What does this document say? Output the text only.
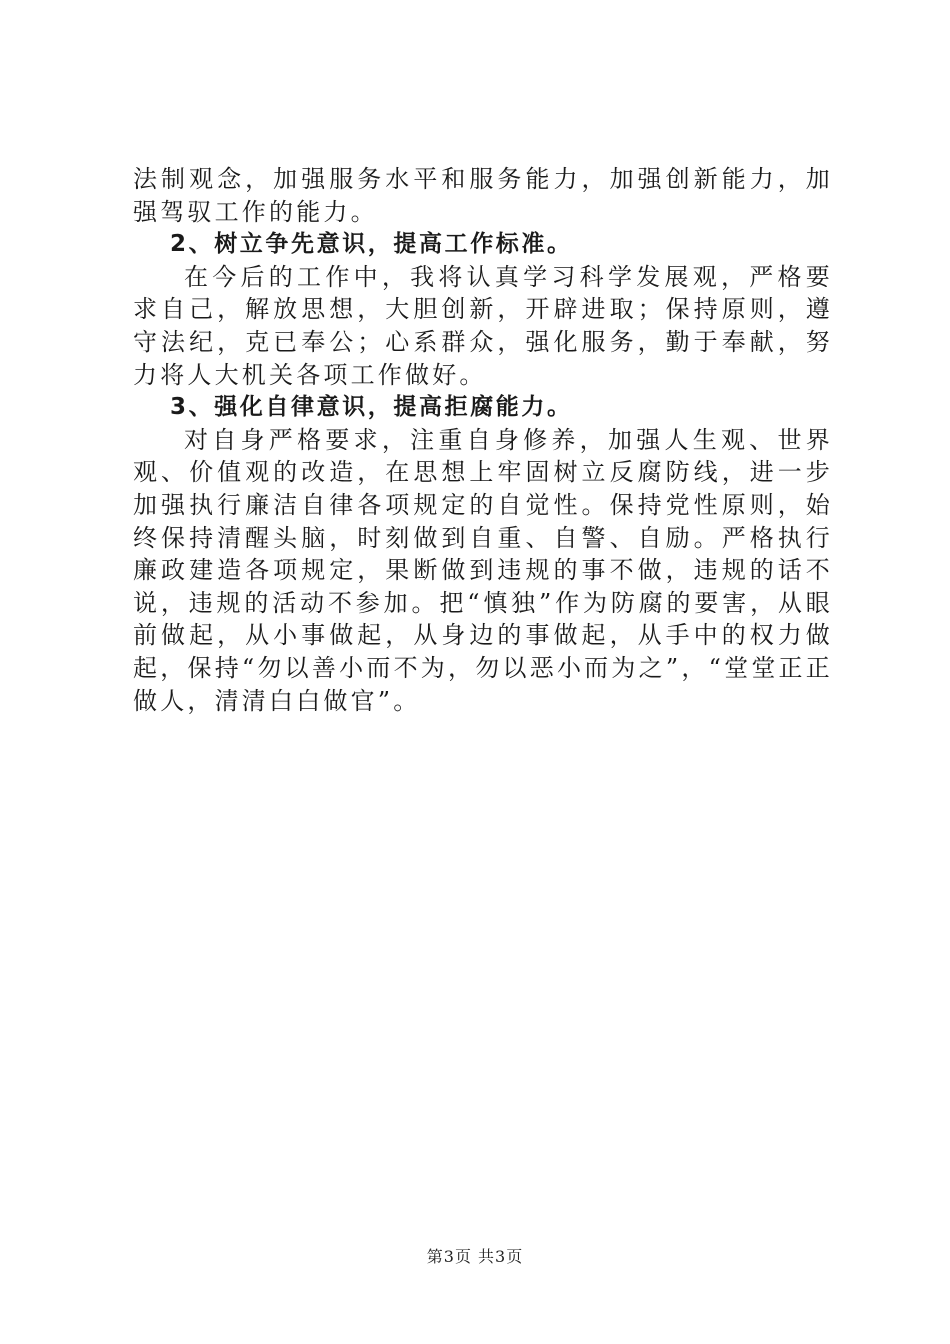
法制观念，加强服务水平和服务能力，加强创新能力，加强驾驭工作的能力。

2、树立争先意识，提高工作标准。

在今后的工作中，我将认真学习科学发展观，严格要求自己，解放思想，大胆创新，开辟进取；保持原则，遵守法纪，克已奉公；心系群众，强化服务，勤于奉献，努力将人大机关各项工作做好。

3、强化自律意识，提高拒腐能力。

对自身严格要求，注重自身修养，加强人生观、世界观、价值观的改造，在思想上牢固树立反腐防线，进一步加强执行廉洁自律各项规定的自觉性。保持党性原则，始终保持清醒头脑，时刻做到自重、自警、自励。严格执行廉政建造各项规定，果断做到违规的事不做，违规的话不说，违规的活动不参加。把“慎独”作为防腐的要害，从眼前做起，从小事做起，从身边的事做起，从手中的权力做起，保持“勿以善小而不为，勿以恶小而为之”，“堂堂正正做人，清清白白做官”。

第3页 共3页
